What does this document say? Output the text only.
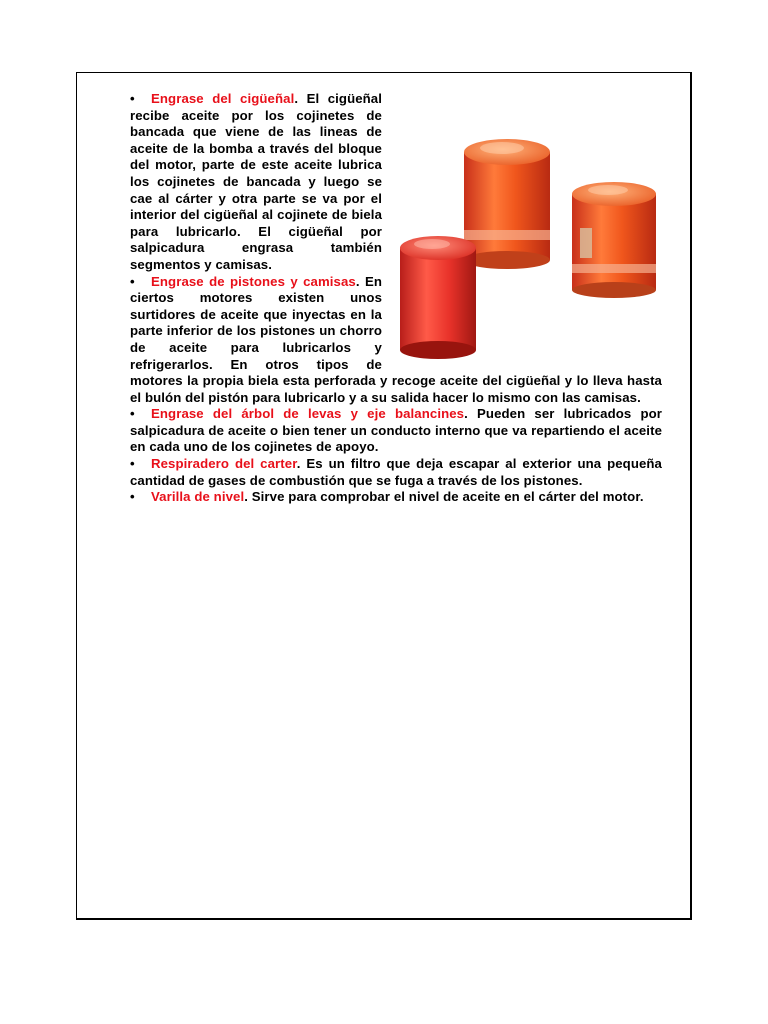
• Engrase del cigüeñal. El cigüeñal recibe aceite por los cojinetes de bancada que viene de las lineas de aceite de la bomba a través del bloque del motor, parte de este aceite lubrica los cojinetes de bancada y luego se cae al cárter y otra parte se va por el interior del cigüeñal al cojinete de biela para lubricarlo. El cigüeñal por salpicadura engrasa también segmentos y camisas.

• Engrase de pistones y camisas. En ciertos motores existen unos surtidores de aceite que inyectas en la parte inferior de los pistones un chorro de aceite para lubricarlos y refrigerarlos. En otros tipos de motores la propia biela esta perforada y recoge aceite del cigüeñal y lo lleva hasta el bulón del pistón para lubricarlo y a su salida hacer lo mismo con las camisas.

• Engrase del árbol de levas y eje balancines. Pueden ser lubricados por salpicadura de aceite o bien tener un conducto interno que va repartiendo el aceite en cada uno de los cojinetes de apoyo.

• Respiradero del carter. Es un filtro que deja escapar al exterior una pequeña cantidad de gases de combustión que se fuga a través de los pistones.

• Varilla de nivel. Sirve para comprobar el nivel de aceite en el cárter del motor.
